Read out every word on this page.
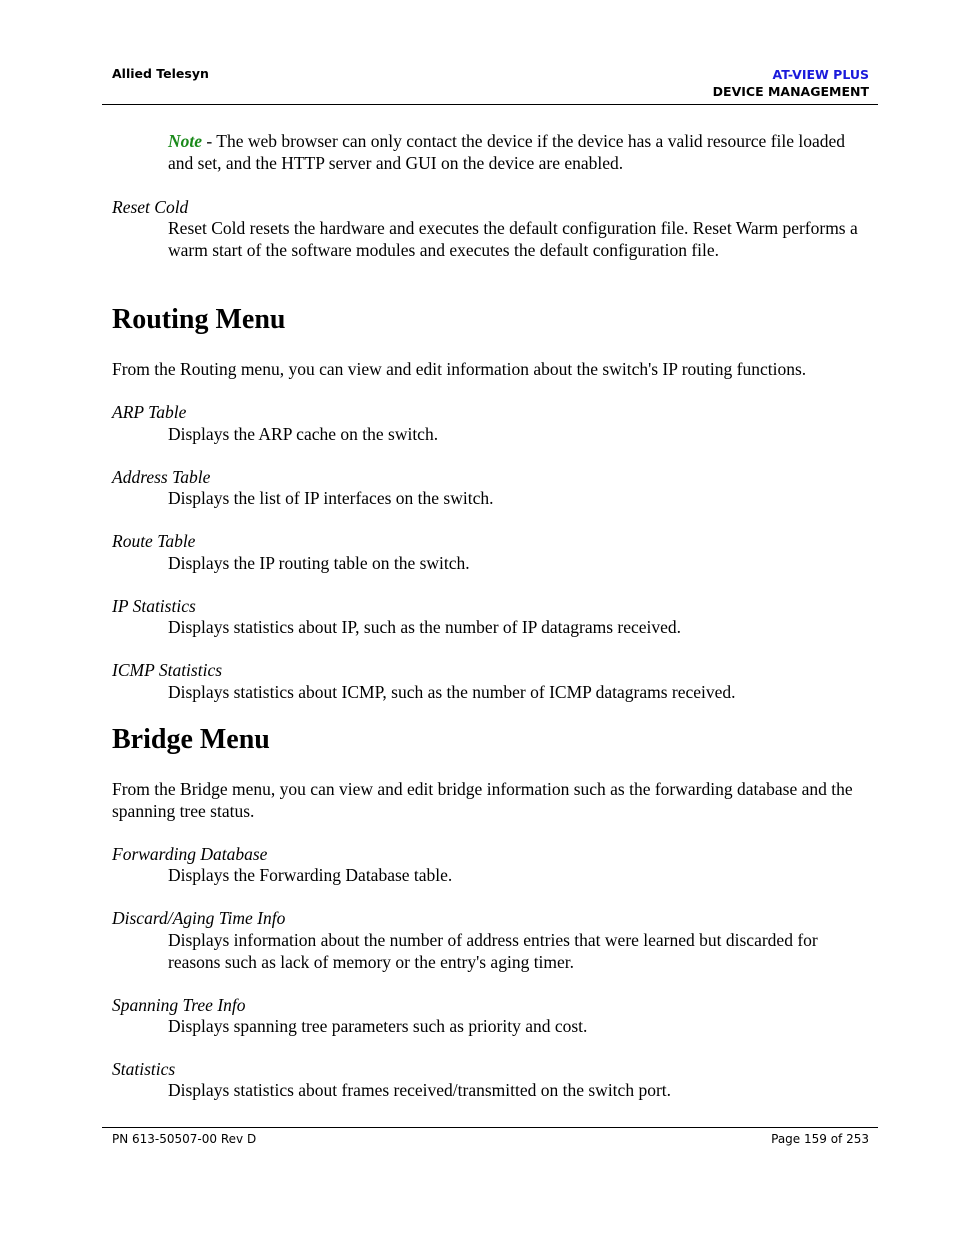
Allied Telesyn	AT-VIEW PLUS
DEVICE MANAGEMENT
Note - The web browser can only contact the device if the device has a valid resource file loaded and set, and the HTTP server and GUI on the device are enabled.
Reset Cold
Reset Cold resets the hardware and executes the default configuration file. Reset Warm performs a warm start of the software modules and executes the default configuration file.
Routing Menu
From the Routing menu, you can view and edit information about the switch's IP routing functions.
ARP Table
Displays the ARP cache on the switch.
Address Table
Displays the list of IP interfaces on the switch.
Route Table
Displays the IP routing table on the switch.
IP Statistics
Displays statistics about IP, such as the number of IP datagrams received.
ICMP Statistics
Displays statistics about ICMP, such as the number of ICMP datagrams received.
Bridge Menu
From the Bridge menu, you can view and edit bridge information such as the forwarding database and the spanning tree status.
Forwarding Database
Displays the Forwarding Database table.
Discard/Aging Time Info
Displays information about the number of address entries that were learned but discarded for reasons such as lack of memory or the entry's aging timer.
Spanning Tree Info
Displays spanning tree parameters such as priority and cost.
Statistics
Displays statistics about frames received/transmitted on the switch port.
PN 613-50507-00 Rev D	Page 159 of 253
